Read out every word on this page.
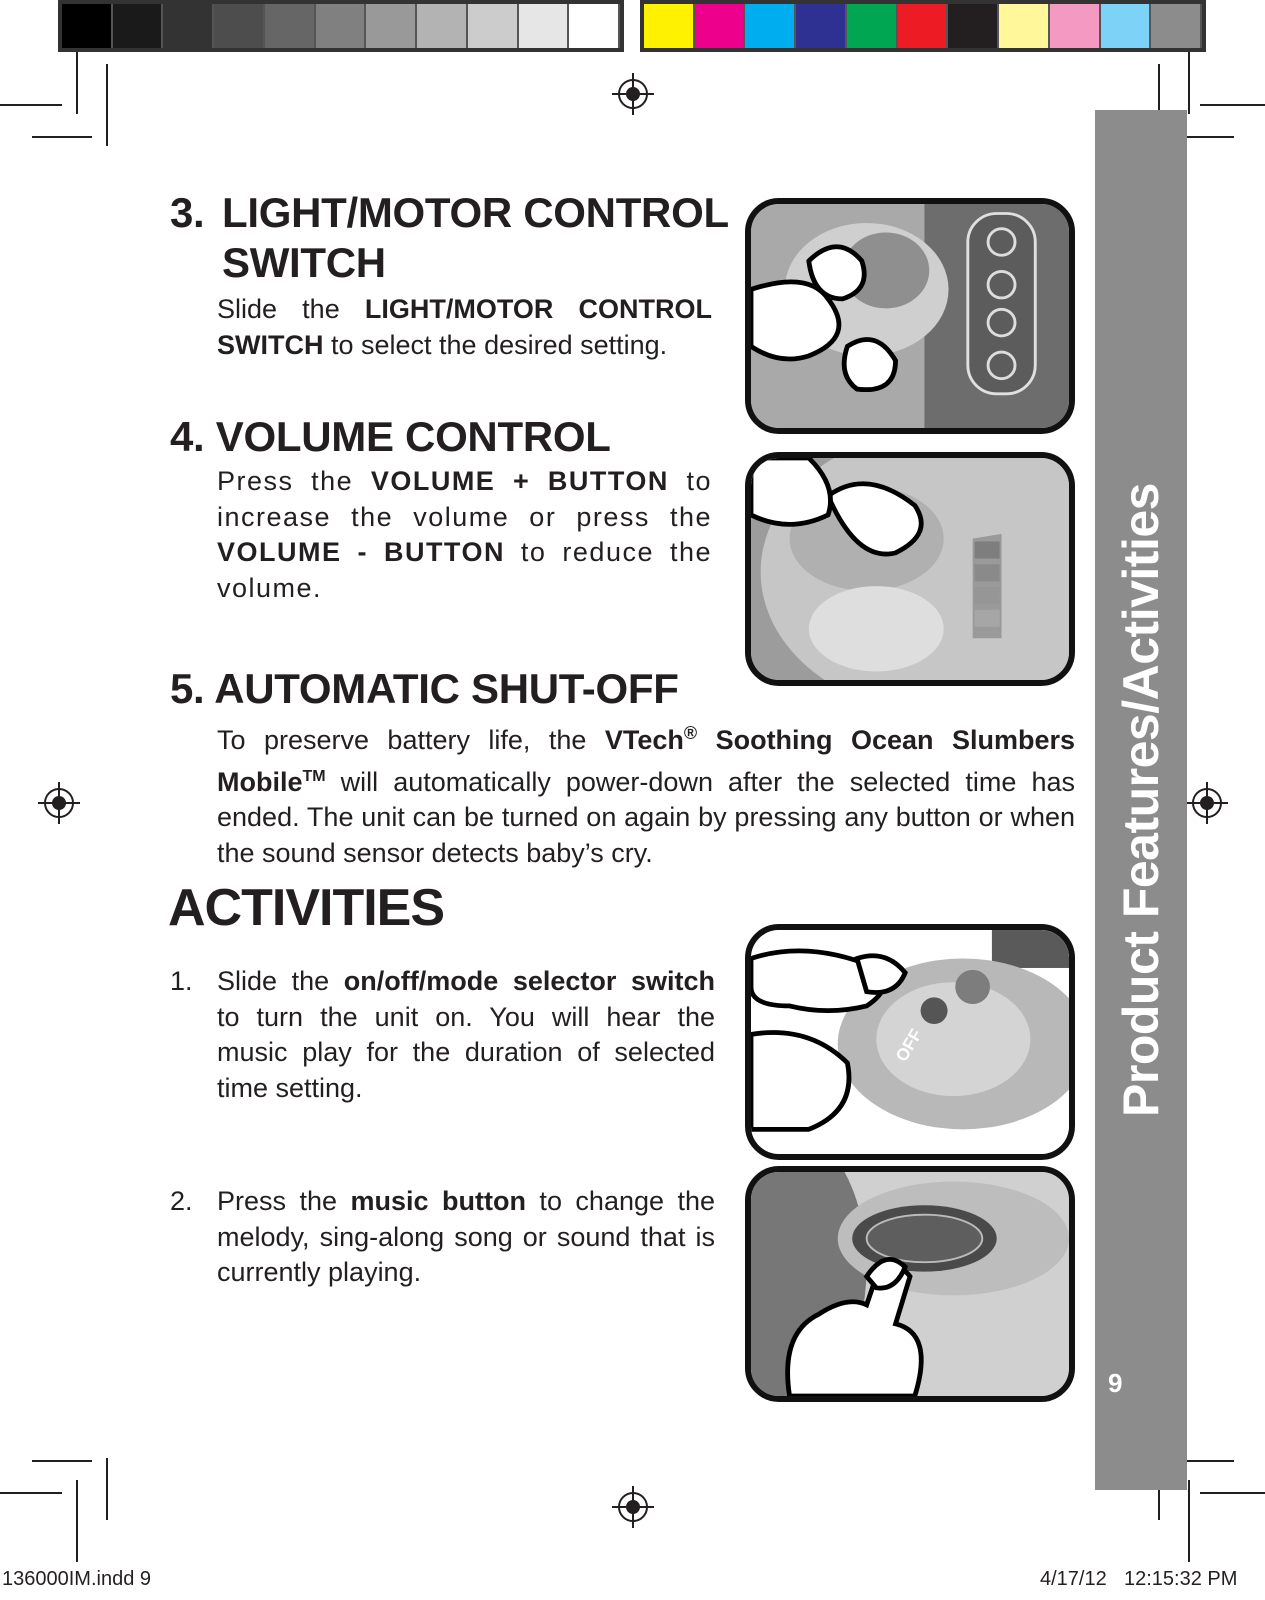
Product Features/Activities
9
3. LIGHT/MOTOR CONTROL
SWITCH
Slide the LIGHT/MOTOR CONTROL SWITCH to select the desired setting.
4. VOLUME CONTROL
Press the VOLUME + BUTTON to increase the volume or press the VOLUME - BUTTON to reduce the volume.
5. AUTOMATIC SHUT-OFF
To preserve battery life, the VTech® Soothing Ocean Slumbers Mobile™ will automatically power-down after the selected time has ended. The unit can be turned on again by pressing any button or when the sound sensor detects baby’s cry.
ACTIVITIES
1. Slide the on/off/mode selector switch to turn the unit on. You will hear the music play for the duration of selected time setting.
2. Press the music button to change the melody, sing-along song or sound that is currently playing.
OFF
136000IM.indd 9	4/17/12 12:15:32 PM
